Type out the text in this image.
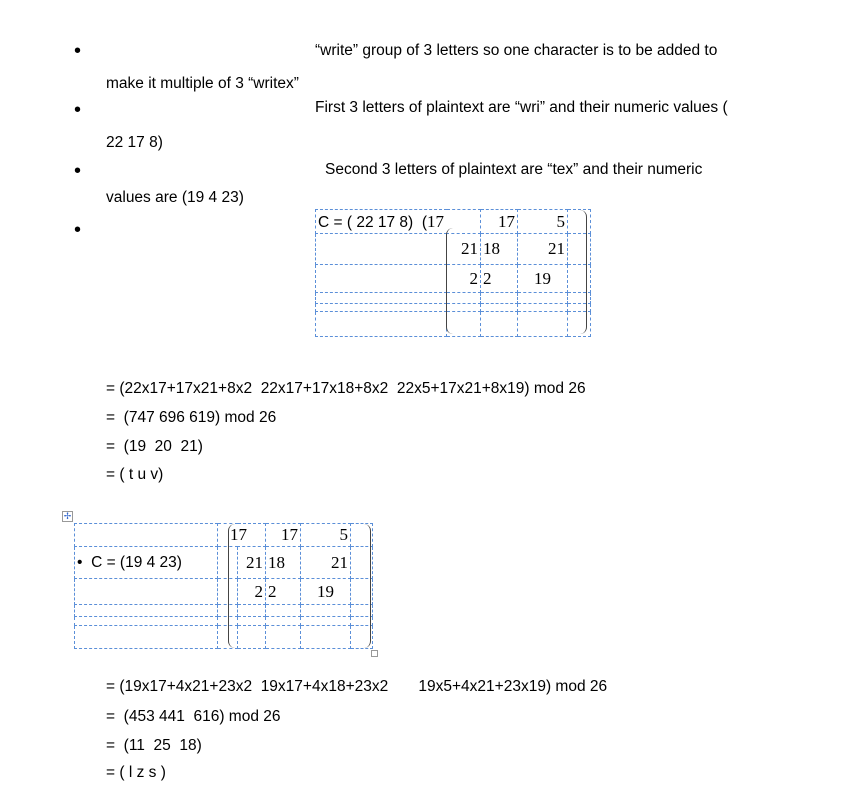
•	“write” group of 3 letters so one character is to be added to
make it multiple of 3 “writex”
•	First 3 letters of plaintext are “wri” and their numeric values (
22 17 8)
•	Second 3 letters of plaintext are “tex” and their numeric
values are (19 4 23)
•	C = ( 22 17 8)  (17		17	5	
	21	18	21	
	2	2	19	

= (22x17+17x21+8x2  22x17+17x18+8x2  22x5+17x21+8x19) mod 26
=  (747 696 619) mod 26
=  (19  20  21)
= ( t u v)
✢
	17		17	5	
• C = (19 4 23)		21	18	21	
		2	2	19	

= (19x17+4x21+23x2  19x17+4x18+23x2       19x5+4x21+23x19) mod 26
=  (453 441  616) mod 26
=  (11  25  18)
= ( l z s )
